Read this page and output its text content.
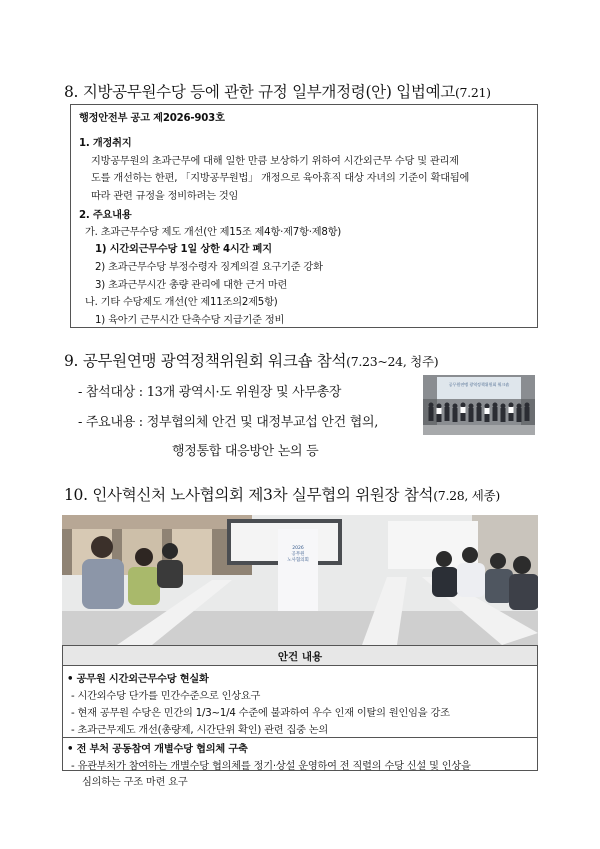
8. 지방공무원수당 등에 관한 규정 일부개정령(안) 입법예고(7.21)
행정안전부 공고 제2026-903호
1. 개정취지
지방공무원의 초과근무에 대해 일한 만큼 보상하기 위하여 시간외근무 수당 및 관리제
도를 개선하는 한편, 「지방공무원법」 개정으로 육아휴직 대상 자녀의 기준이 확대됨에
따라 관련 규정을 정비하려는 것임
2. 주요내용
가. 초과근무수당 제도 개선(안 제15조 제4항·제7항·제8항)
1) 시간외근무수당 1일 상한 4시간 폐지
2) 초과근무수당 부정수령자 징계의결 요구기준 강화
3) 초과근무시간 총량 관리에 대한 근거 마련
나. 기타 수당제도 개선(안 제11조의2제5항)
1) 육아기 근무시간 단축수당 지급기준 정비
9. 공무원연맹 광역정책위원회 워크숍 참석(7.23~24, 청주)
- 참석대상 : 13개 광역시·도 위원장 및 사무총장
- 주요내용 : 정부협의체 안건 및 대정부교섭 안건 협의,
행정통합 대응방안 논의 등
공무원연맹 광역정책위원회 워크숍
10. 인사혁신처 노사협의회 제3차 실무협의 위원장 참석(7.28, 세종)
2026
공무원
노사협의회
안건 내용
• 공무원 시간외근무수당 현실화
- 시간외수당 단가를 민간수준으로 인상요구
- 현재 공무원 수당은 민간의 1/3~1/4 수준에 불과하여 우수 인재 이탈의 원인임을 강조
- 초과근무제도 개선(총량제, 시간단위 확인) 관련 집중 논의
• 전 부처 공동참여 개별수당 협의체 구축
- 유관부처가 참여하는 개별수당 협의체를 정기·상설 운영하여 전 직렬의 수당 신설 및 인상을
심의하는 구조 마련 요구
